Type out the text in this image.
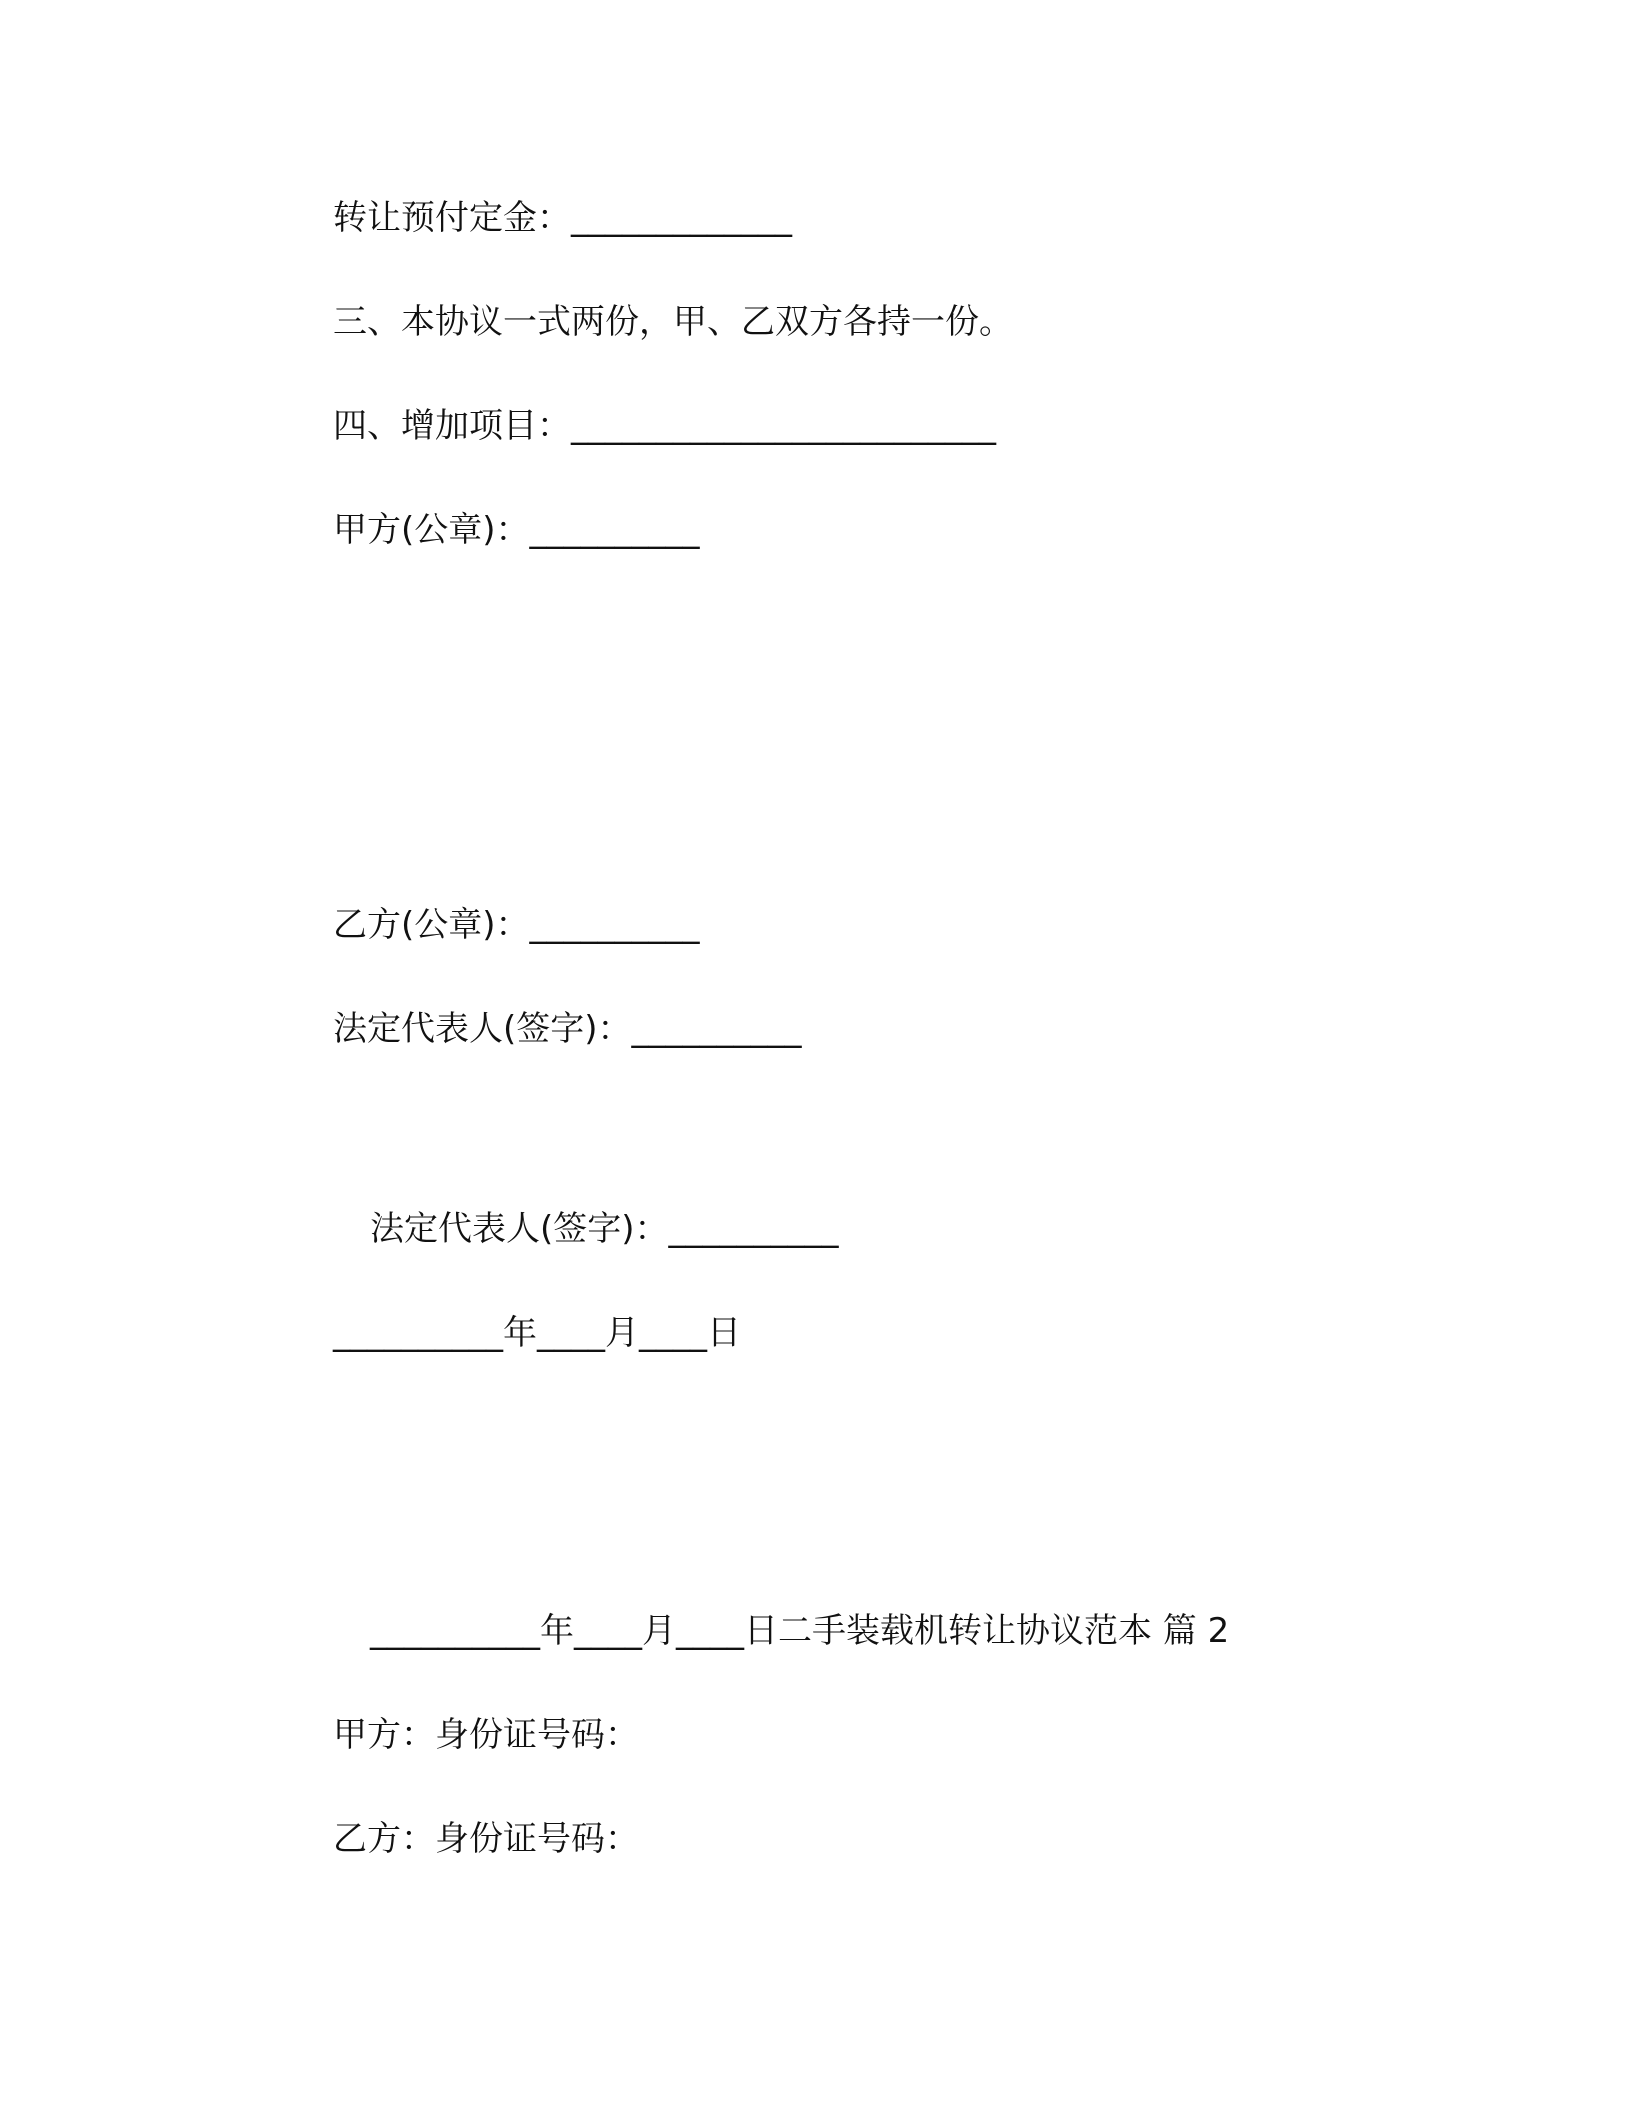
转让预付定金：_____________
三、本协议一式两份，甲、乙双方各持一份。
四、增加项目：_________________________
甲方(公章)：__________
乙方(公章)：__________
法定代表人(签字)：__________
法定代表人(签字)：__________
__________年____月____日
__________年____月____日二手装载机转让协议范本 篇 2
甲方：身份证号码：
乙方：身份证号码：
